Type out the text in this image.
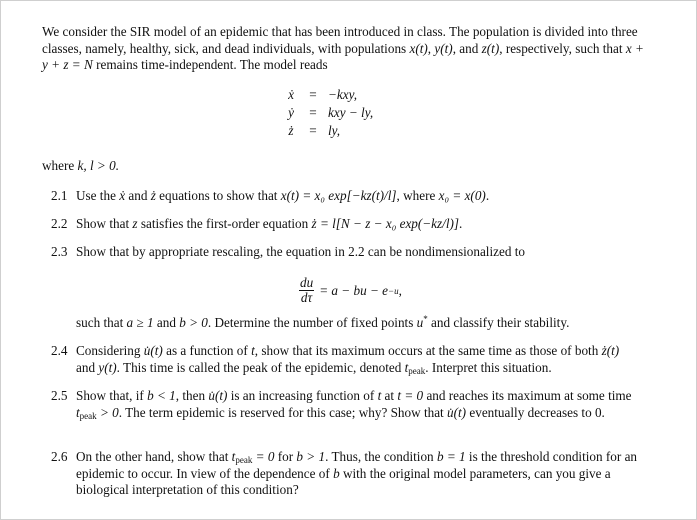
We consider the SIR model of an epidemic that has been introduced in class. The population is divided into three classes, namely, healthy, sick, and dead individuals, with populations x(t), y(t), and z(t), respectively, such that x + y + z = N remains time-independent. The model reads
ẋ	= −kxy,
ẏ	= kxy − ly,
ż	= ly,
where k, l > 0.
2.1 Use the ẋ and ż equations to show that x(t) = x₀ exp[−kz(t)/l], where x₀ = x(0).
2.2 Show that z satisfies the first-order equation ż = l[N − z − x₀ exp(−kz/l)].
2.3 Show that by appropriate rescaling, the equation in 2.2 can be nondimensionalized to
$\frac{du}{d\tau} = a$ − bu − e −u ,
such that a ≥ 1 and b > 0. Determine the number of fixed points u* and classify their stability.
2.4 Considering u̇(t) as a function of t, show that its maximum occurs at the same time as those of both ż(t) and y(t). This time is called the peak of the epidemic, denoted $t_{peak}$. Interpret this situation.
2.5 Show that, if b < 1, then u̇(t) is an increasing function of t at t = 0 and reaches its maximum at some time $t_{peak} > 0$. The term epidemic is reserved for this case; why? Show that u̇(t) eventually decreases to 0.
2.6 On the other hand, show that $t_{peak} = 0$ for b > 1. Thus, the condition b = 1 is the threshold condition for an epidemic to occur. In view of the dependence of b with the original model parameters, can you give a biological interpretation of this condition?
